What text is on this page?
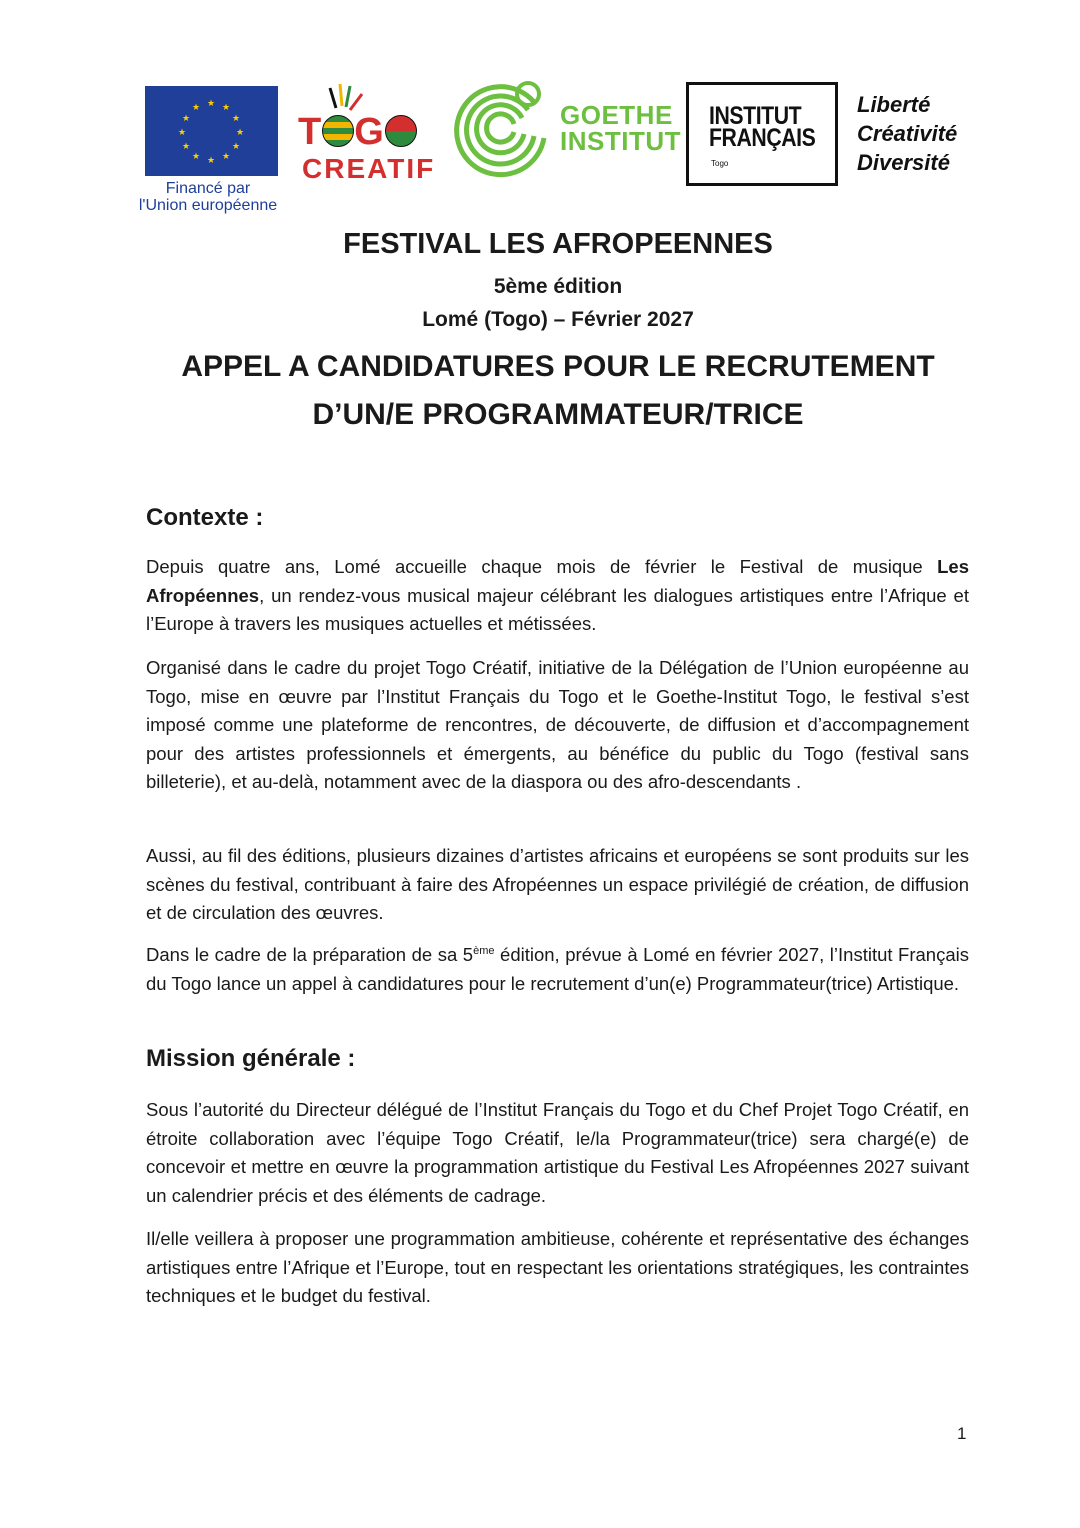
★ ★
★
★
★
★
★
★
★
★
★
★
Financé par
l'Union européenne
T G
CREATIF
GOETHE
INSTITUT
INSTITUT
FRANÇAIS
Togo
Liberté
Créativité
Diversité
FESTIVAL LES AFROPEENNES
5ème édition
Lomé (Togo) – Février 2027
APPEL A CANDIDATURES POUR LE RECRUTEMENT
D’UN/E PROGRAMMATEUR/TRICE
Contexte :

Depuis quatre ans, Lomé accueille chaque mois de février le Festival de musique Les Afropéennes, un rendez-vous musical majeur célébrant les dialogues artistiques entre l’Afrique et l’Europe à travers les musiques actuelles et métissées.

Organisé dans le cadre du projet Togo Créatif, initiative de la Délégation de l’Union européenne au Togo, mise en œuvre par l’Institut Français du Togo et le Goethe-Institut Togo, le festival s’est imposé comme une plateforme de rencontres, de découverte, de diffusion et d’accompagnement pour des artistes professionnels et émergents, au bénéfice du public du Togo (festival sans billeterie), et au-delà, notamment avec de la diaspora ou des afro-descendants .

Aussi, au fil des éditions, plusieurs dizaines d’artistes africains et européens se sont produits sur les scènes du festival, contribuant à faire des Afropéennes un espace privilégié de création, de diffusion et de circulation des œuvres.

Dans le cadre de la préparation de sa 5ème édition, prévue à Lomé en février 2027, l’Institut Français du Togo lance un appel à candidatures pour le recrutement d’un(e) Programmateur(trice) Artistique.

Mission générale :

Sous l’autorité du Directeur délégué de l’Institut Français du Togo et du Chef Projet Togo Créatif, en étroite collaboration avec l’équipe Togo Créatif, le/la Programmateur(trice) sera chargé(e) de concevoir et mettre en œuvre la programmation artistique du Festival Les Afropéennes 2027 suivant un calendrier précis et des éléments de cadrage.

Il/elle veillera à proposer une programmation ambitieuse, cohérente et représentative des échanges artistiques entre l’Afrique et l’Europe, tout en respectant les orientations stratégiques, les contraintes techniques et le budget du festival.

1
